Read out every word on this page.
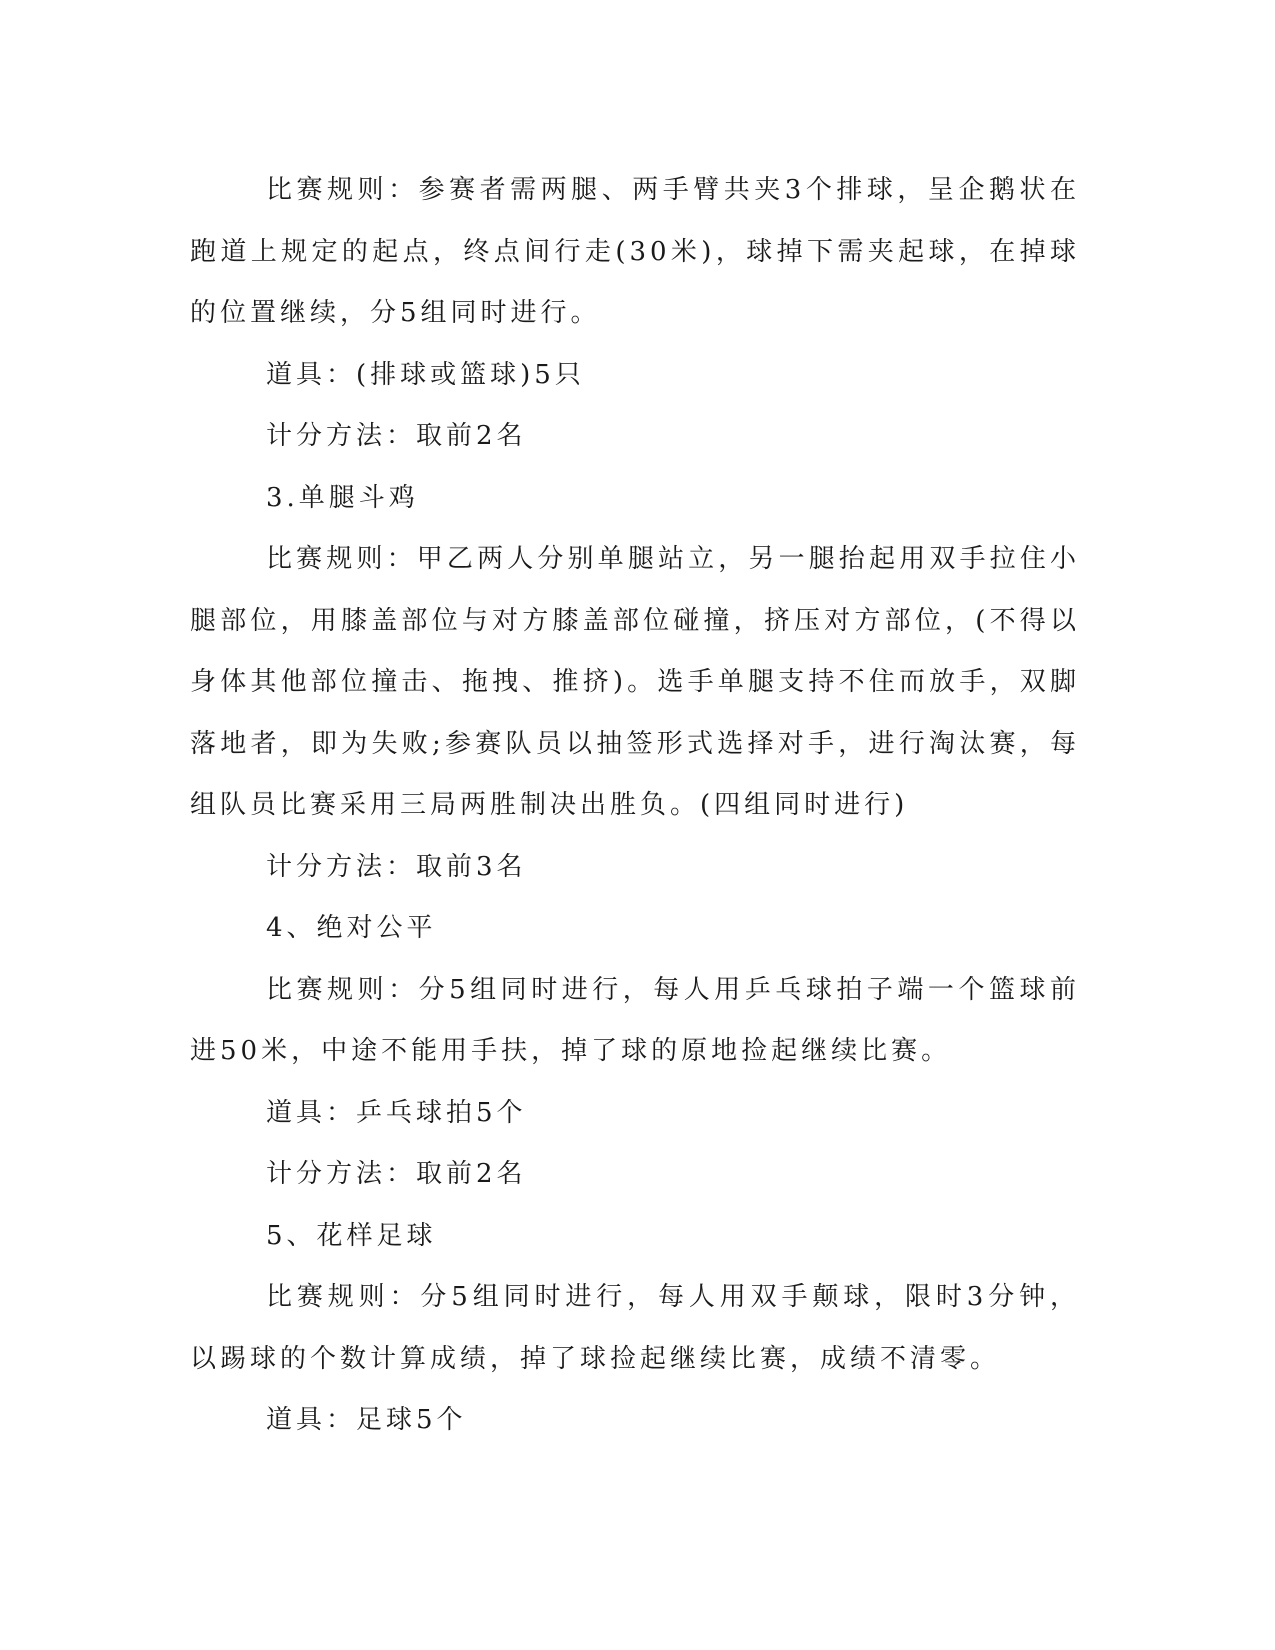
比赛规则：参赛者需两腿、两手臂共夹3个排球，呈企鹅状在跑道上规定的起点，终点间行走(30米)，球掉下需夹起球，在掉球的位置继续，分5组同时进行。

道具：(排球或篮球)5只

计分方法：取前2名

3.单腿斗鸡

比赛规则：甲乙两人分别单腿站立，另一腿抬起用双手拉住小腿部位，用膝盖部位与对方膝盖部位碰撞，挤压对方部位，(不得以身体其他部位撞击、拖拽、推挤)。选手单腿支持不住而放手，双脚落地者，即为失败;参赛队员以抽签形式选择对手，进行淘汰赛，每组队员比赛采用三局两胜制决出胜负。(四组同时进行)

计分方法：取前3名

4、绝对公平

比赛规则：分5组同时进行，每人用乒乓球拍子端一个篮球前进50米，中途不能用手扶，掉了球的原地捡起继续比赛。

道具：乒乓球拍5个

计分方法：取前2名

5、花样足球

比赛规则：分5组同时进行，每人用双手颠球，限时3分钟，以踢球的个数计算成绩，掉了球捡起继续比赛，成绩不清零。

道具：足球5个
